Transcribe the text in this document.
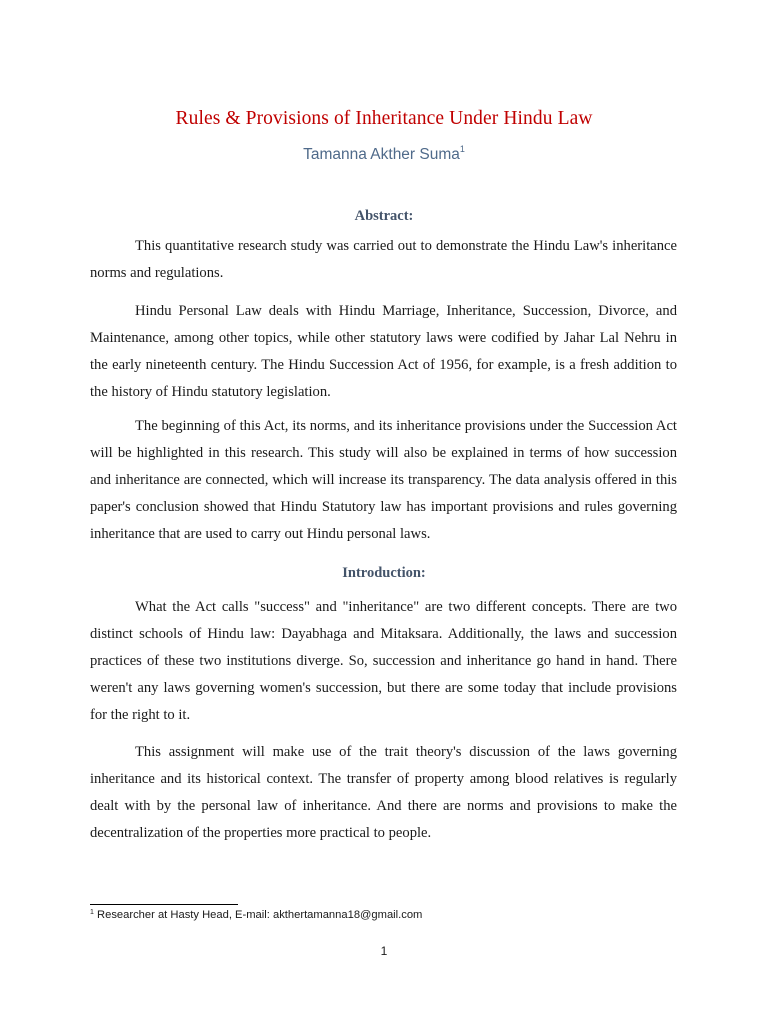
Rules & Provisions of Inheritance Under Hindu Law
Tamanna Akther Suma$^1$
Abstract:

This quantitative research study was carried out to demonstrate the Hindu Law's inheritance norms and regulations.

Hindu Personal Law deals with Hindu Marriage, Inheritance, Succession, Divorce, and Maintenance, among other topics, while other statutory laws were codified by Jahar Lal Nehru in the early nineteenth century. The Hindu Succession Act of 1956, for example, is a fresh addition to the history of Hindu statutory legislation.

The beginning of this Act, its norms, and its inheritance provisions under the Succession Act will be highlighted in this research. This study will also be explained in terms of how succession and inheritance are connected, which will increase its transparency. The data analysis offered in this paper's conclusion showed that Hindu Statutory law has important provisions and rules governing inheritance that are used to carry out Hindu personal laws.

Introduction:

What the Act calls "success" and "inheritance" are two different concepts. There are two distinct schools of Hindu law: Dayabhaga and Mitaksara. Additionally, the laws and succession practices of these two institutions diverge. So, succession and inheritance go hand in hand. There weren't any laws governing women's succession, but there are some today that include provisions for the right to it.

This assignment will make use of the trait theory's discussion of the laws governing inheritance and its historical context. The transfer of property among blood relatives is regularly dealt with by the personal law of inheritance. And there are norms and provisions to make the decentralization of the properties more practical to people.

$^1$ Researcher at Hasty Head, E-mail: akthertamanna18@gmail.com
1
